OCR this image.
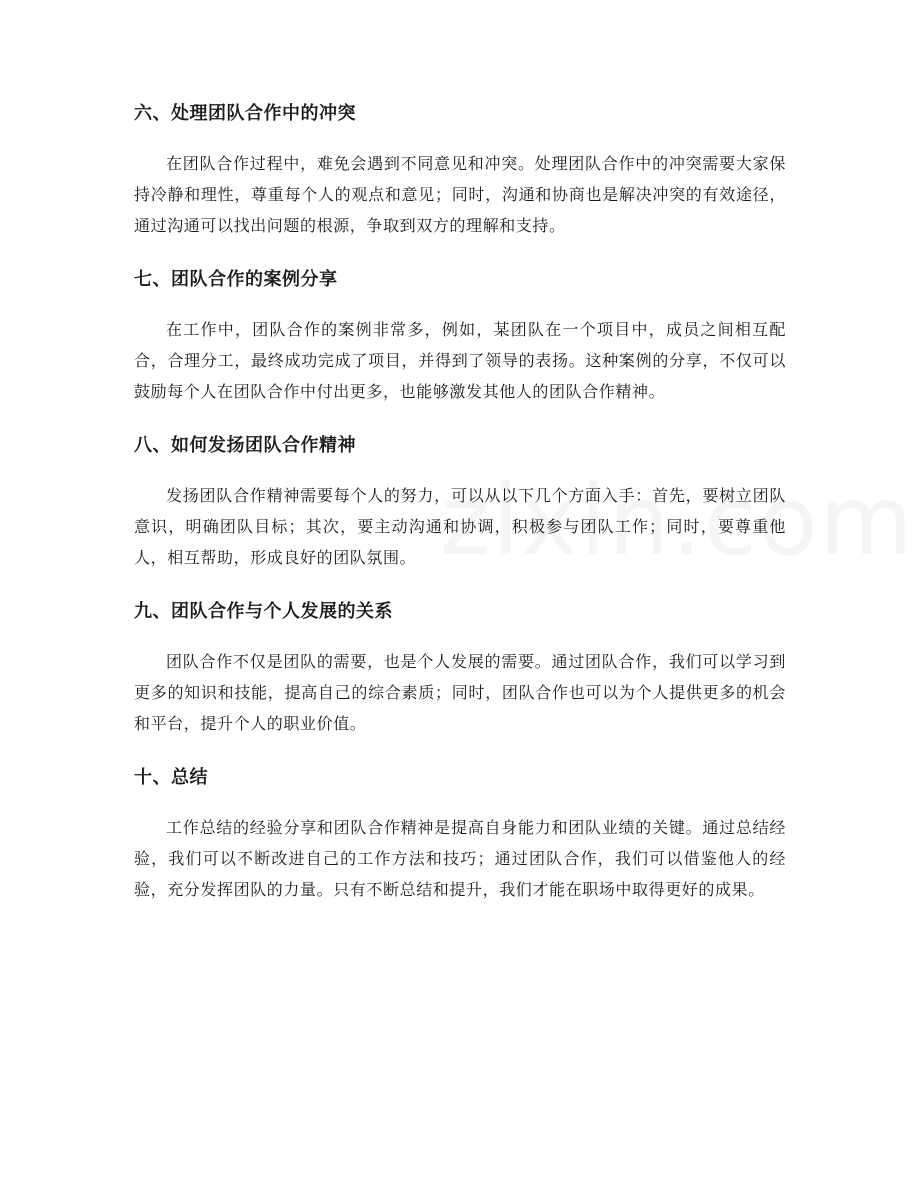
六、处理团队合作中的冲突

在团队合作过程中，难免会遇到不同意见和冲突。处理团队合作中的冲突需要大家保持冷静和理性，尊重每个人的观点和意见；同时，沟通和协商也是解决冲突的有效途径，通过沟通可以找出问题的根源，争取到双方的理解和支持。

七、团队合作的案例分享

在工作中，团队合作的案例非常多，例如，某团队在一个项目中，成员之间相互配合，合理分工，最终成功完成了项目，并得到了领导的表扬。这种案例的分享，不仅可以鼓励每个人在团队合作中付出更多，也能够激发其他人的团队合作精神。

八、如何发扬团队合作精神

发扬团队合作精神需要每个人的努力，可以从以下几个方面入手：首先，要树立团队意识，明确团队目标；其次，要主动沟通和协调，积极参与团队工作；同时，要尊重他人，相互帮助，形成良好的团队氛围。

九、团队合作与个人发展的关系

团队合作不仅是团队的需要，也是个人发展的需要。通过团队合作，我们可以学习到更多的知识和技能，提高自己的综合素质；同时，团队合作也可以为个人提供更多的机会和平台，提升个人的职业价值。

十、总结

工作总结的经验分享和团队合作精神是提高自身能力和团队业绩的关键。通过总结经验，我们可以不断改进自己的工作方法和技巧；通过团队合作，我们可以借鉴他人的经验，充分发挥团队的力量。只有不断总结和提升，我们才能在职场中取得更好的成果。
